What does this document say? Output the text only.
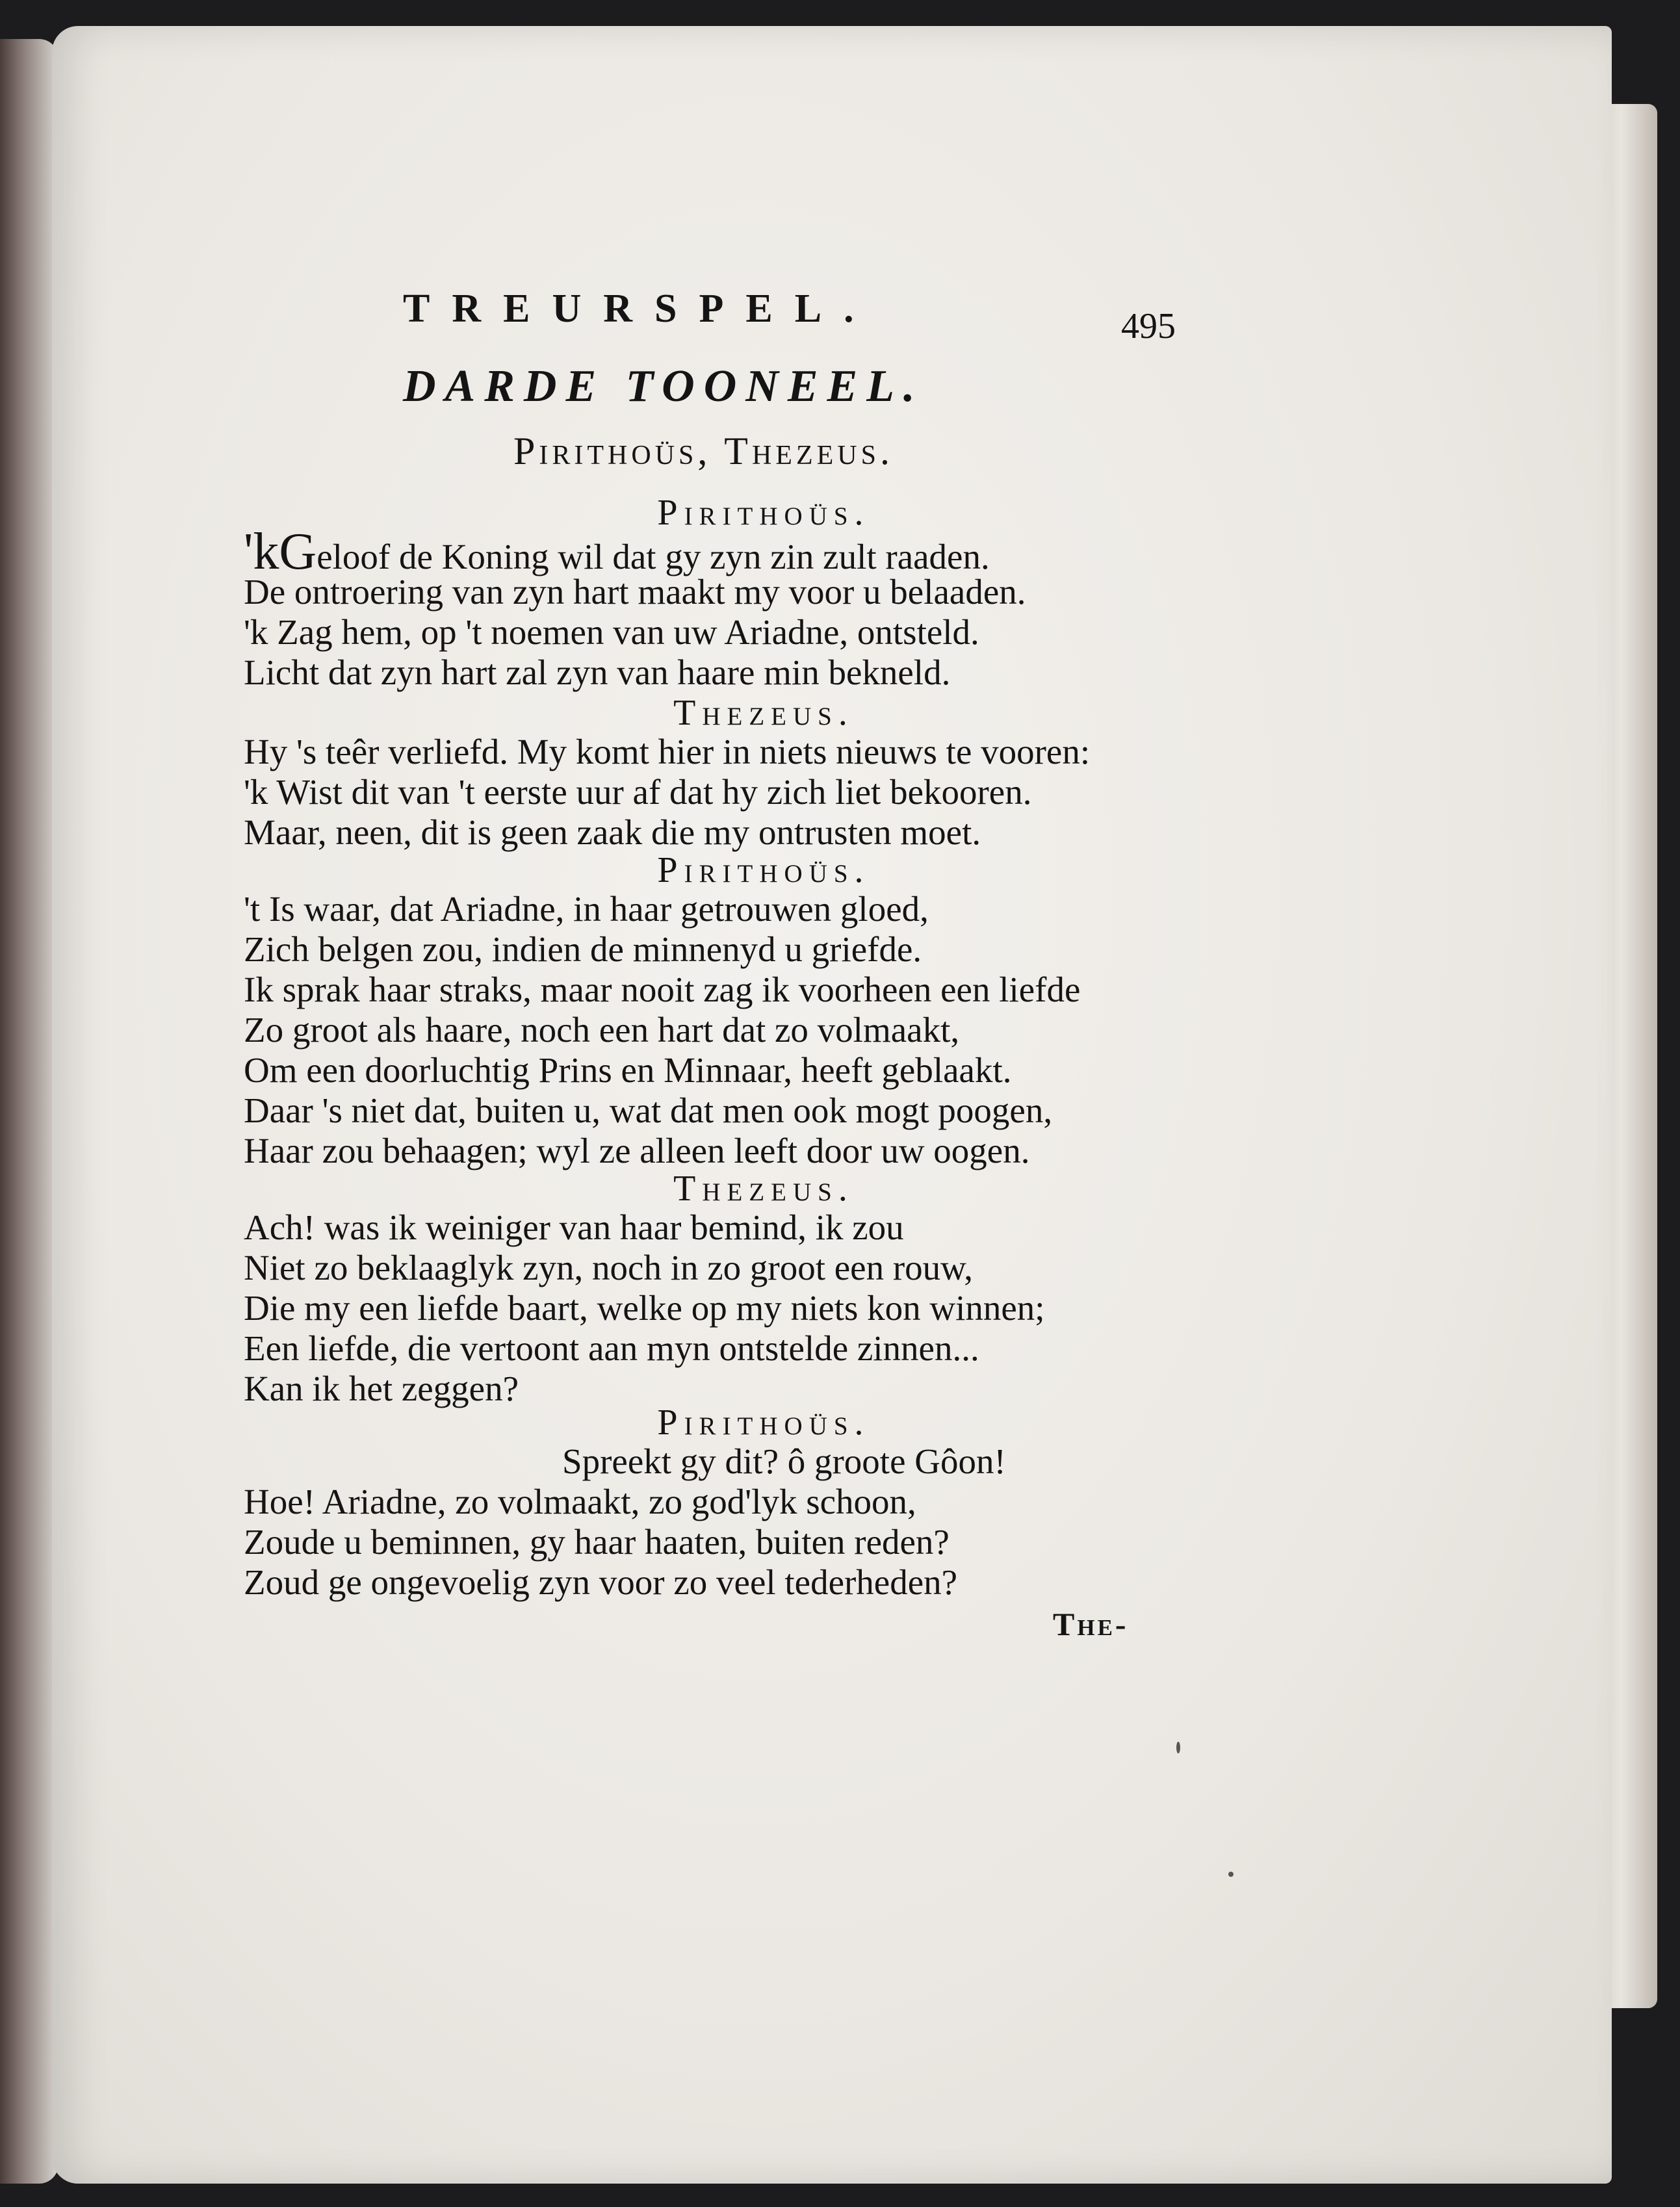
TREURSPEL.	495
DARDE TOONEEL.
Pirithoüs, Thezeus.
Pirithoüs.
'kGeloof de Koning wil dat gy zyn zin zult raaden.
De ontroering van zyn hart maakt my voor u belaaden.
'k Zag hem, op 't noemen van uw Ariadne, ontsteld.
Licht dat zyn hart zal zyn van haare min bekneld.
Thezeus.
Hy 's teêr verliefd. My komt hier in niets nieuws te vooren:
'k Wist dit van 't eerste uur af dat hy zich liet bekooren.
Maar, neen, dit is geen zaak die my ontrusten moet.
Pirithoüs.
't Is waar, dat Ariadne, in haar getrouwen gloed,
Zich belgen zou, indien de minnenyd u griefde.
Ik sprak haar straks, maar nooit zag ik voorheen een liefde
Zo groot als haare, noch een hart dat zo volmaakt,
Om een doorluchtig Prins en Minnaar, heeft geblaakt.
Daar 's niet dat, buiten u, wat dat men ook mogt poogen,
Haar zou behaagen; wyl ze alleen leeft door uw oogen.
Thezeus.
Ach! was ik weiniger van haar bemind, ik zou
Niet zo beklaaglyk zyn, noch in zo groot een rouw,
Die my een liefde baart, welke op my niets kon winnen;
Een liefde, die vertoont aan myn ontstelde zinnen...
Kan ik het zeggen?
Pirithoüs.
Spreekt gy dit? ô groote Gôon!
Hoe! Ariadne, zo volmaakt, zo god'lyk schoon,
Zoude u beminnen, gy haar haaten, buiten reden?
Zoud ge ongevoelig zyn voor zo veel tederheden?
The-
